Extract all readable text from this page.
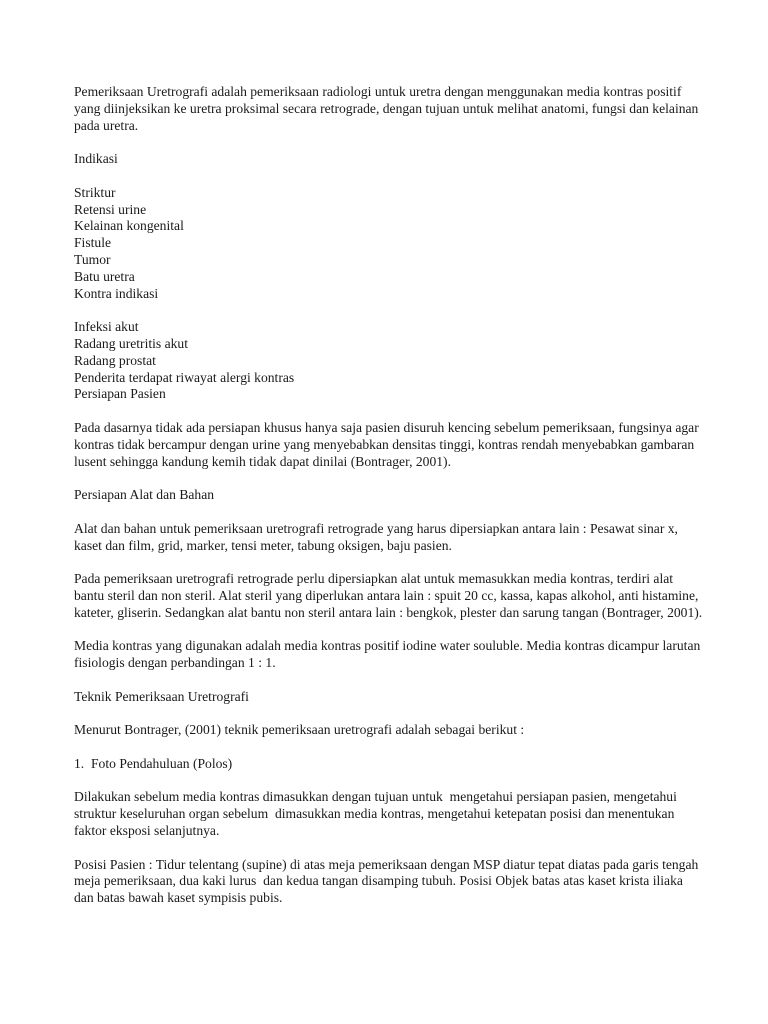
Pemeriksaan Uretrografi adalah pemeriksaan radiologi untuk uretra dengan menggunakan media kontras positif yang diinjeksikan ke uretra proksimal secara retrograde, dengan tujuan untuk melihat anatomi, fungsi dan kelainan pada uretra.

Indikasi

Striktur

Retensi urine

Kelainan kongenital

Fistule

Tumor

Batu uretra

Kontra indikasi

Infeksi akut

Radang uretritis akut

Radang prostat

Penderita terdapat riwayat alergi kontras

Persiapan Pasien

Pada dasarnya tidak ada persiapan khusus hanya saja pasien disuruh kencing sebelum pemeriksaan, fungsinya agar kontras tidak bercampur dengan urine yang menyebabkan densitas tinggi, kontras rendah menyebabkan gambaran lusent sehingga kandung kemih tidak dapat dinilai (Bontrager, 2001).

Persiapan Alat dan Bahan

Alat dan bahan untuk pemeriksaan uretrografi retrograde yang harus dipersiapkan antara lain : Pesawat sinar x, kaset dan film, grid, marker, tensi meter, tabung oksigen, baju pasien.

Pada pemeriksaan uretrografi retrograde perlu dipersiapkan alat untuk memasukkan media kontras, terdiri alat bantu steril dan non steril. Alat steril yang diperlukan antara lain : spuit 20 cc, kassa, kapas alkohol, anti histamine, kateter, gliserin. Sedangkan alat bantu non steril antara lain : bengkok, plester dan sarung tangan (Bontrager, 2001).

Media kontras yang digunakan adalah media kontras positif iodine water souluble. Media kontras dicampur larutan fisiologis dengan perbandingan 1 : 1.

Teknik Pemeriksaan Uretrografi

Menurut Bontrager, (2001) teknik pemeriksaan uretrografi adalah sebagai berikut :

1.  Foto Pendahuluan (Polos)

Dilakukan sebelum media kontras dimasukkan dengan tujuan untuk  mengetahui persiapan pasien, mengetahui struktur keseluruhan organ sebelum  dimasukkan media kontras, mengetahui ketepatan posisi dan menentukan faktor eksposi selanjutnya.

Posisi Pasien : Tidur telentang (supine) di atas meja pemeriksaan dengan MSP diatur tepat diatas pada garis tengah meja pemeriksaan, dua kaki lurus  dan kedua tangan disamping tubuh. Posisi Objek batas atas kaset krista iliaka dan batas bawah kaset sympisis pubis.
